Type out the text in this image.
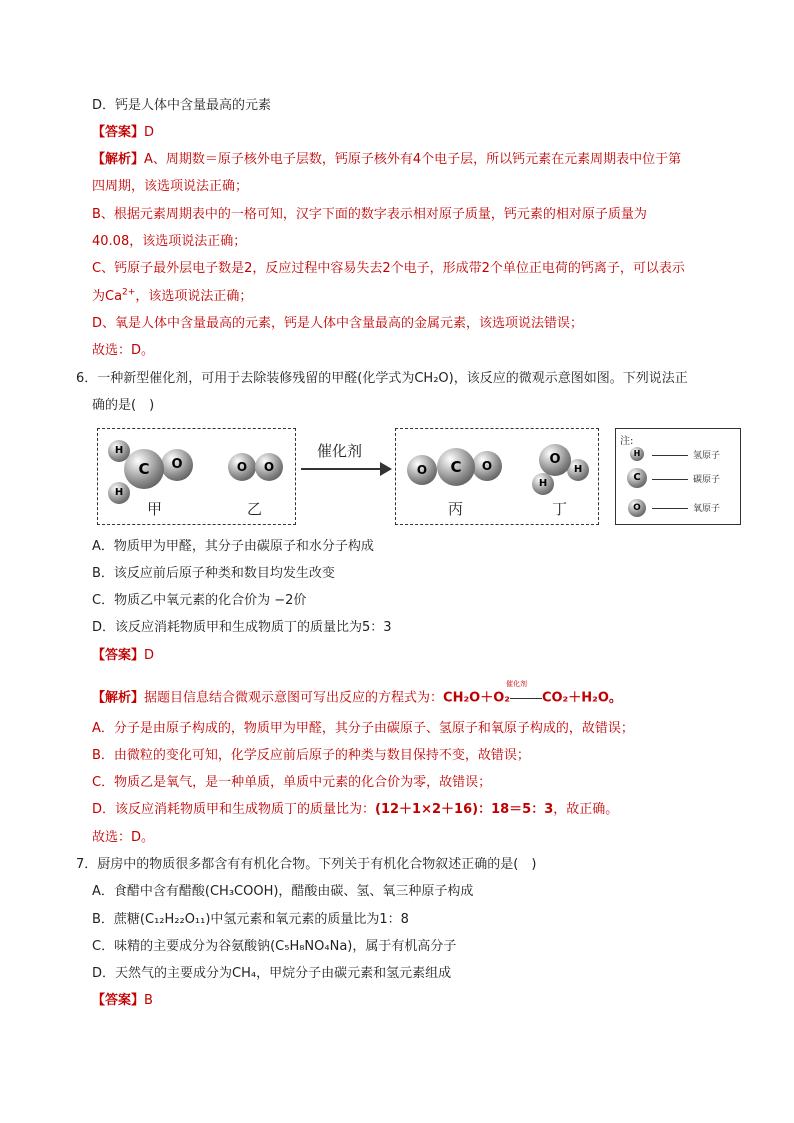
D．钙是人体中含量最高的元素
【答案】D
【解析】A、周期数＝原子核外电子层数，钙原子核外有4个电子层，所以钙元素在元素周期表中位于第
四周期，该选项说法正确；
B、根据元素周期表中的一格可知，汉字下面的数字表示相对原子质量，钙元素的相对原子质量为
40.08，该选项说法正确；
C、钙原子最外层电子数是2，反应过程中容易失去2个电子，形成带2个单位正电荷的钙离子，可以表示
为$Ca^{2+}$，该选项说法正确；
D、氧是人体中含量最高的元素，钙是人体中含量最高的金属元素，该选项说法错误；
故选：D。
6．一种新型催化剂，可用于去除装修残留的甲醛(化学式为CH₂O)，该反应的微观示意图如图。下列说法正
确的是(　)
H
H
O
C	O	O
甲	乙
催化剂
O	O
C	H
H
O
丙	丁
注:
H	氢原子
C	碳原子
O	氧原子
A．物质甲为甲醛，其分子由碳原子和水分子构成
B．该反应前后原子种类和数目均发生改变
C．物质乙中氧元素的化合价为 −2价
D．该反应消耗物质甲和生成物质丁的质量比为5：3
【答案】D
【解析】据题目信息结合微观示意图可写出反应的方程式为：CH₂O＋O₂
催化剂
CO₂＋H₂O。
A．分子是由原子构成的，物质甲为甲醛，其分子由碳原子、氢原子和氧原子构成的，故错误；
B．由微粒的变化可知，化学反应前后原子的种类与数目保持不变，故错误；
C．物质乙是氧气，是一种单质，单质中元素的化合价为零，故错误；
D．该反应消耗物质甲和生成物质丁的质量比为：(12＋1×2＋16)：18＝5：3，故正确。
故选：D。
7．厨房中的物质很多都含有有机化合物。下列关于有机化合物叙述正确的是(　)
A．食醋中含有醋酸(CH₃COOH)，醋酸由碳、氢、氧三种原子构成
B．蔗糖(C₁₂H₂₂O₁₁)中氢元素和氧元素的质量比为1：8
C．味精的主要成分为谷氨酸钠(C₅H₈NO₄Na)，属于有机高分子
D．天然气的主要成分为CH₄，甲烷分子由碳元素和氢元素组成
【答案】B
